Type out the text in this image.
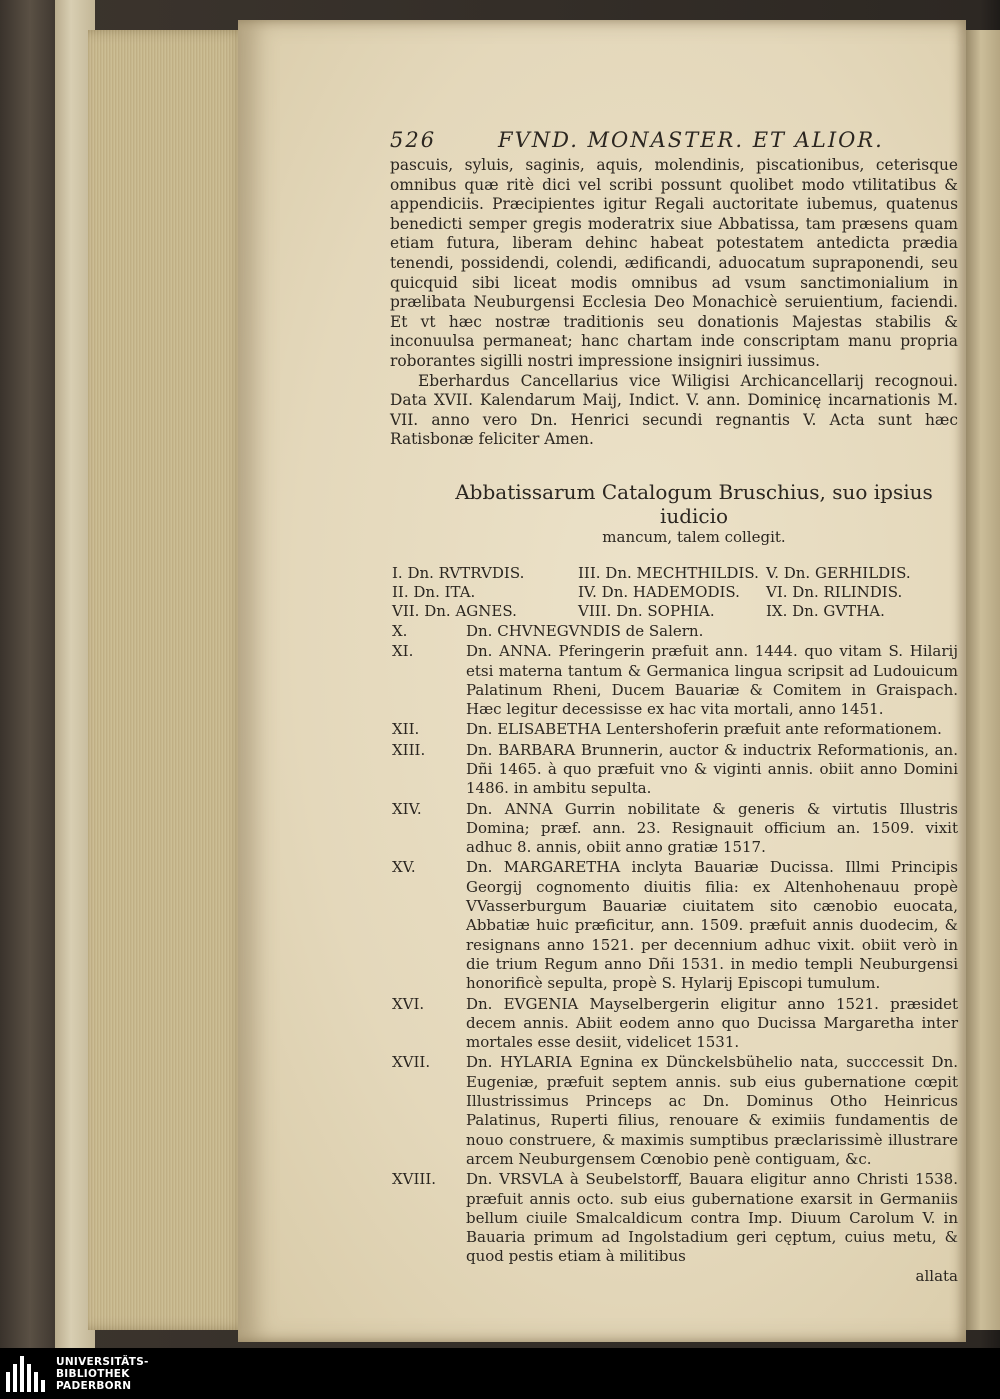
526	FVND. MONASTER. ET ALIOR.

pascuis, syluis, saginis, aquis, molendinis, piscationibus, ceterisque omnibus quæ ritè dici vel scribi possunt quolibet modo vtilitatibus & appendiciis. Præcipientes igitur Regali auctoritate iubemus, quatenus benedicti semper gregis moderatrix siue Abbatissa, tam præsens quam etiam futura, liberam dehinc habeat potestatem antedicta prædia tenendi, possidendi, colendi, ædificandi, aduocatum supraponendi, seu quicquid sibi liceat modis omnibus ad vsum sanctimonialium in prælibata Neuburgensi Ecclesia Deo Monachicè seruientium, faciendi. Et vt hæc nostræ traditionis seu donationis Majestas stabilis & inconuulsa permaneat; hanc chartam inde conscriptam manu propria roborantes sigilli nostri impressione insigniri iussimus.

Eberhardus Cancellarius vice Wiligisi Archicancellarij recognoui. Data XVII. Kalendarum Maij, Indict. V. ann. Dominicę incarnationis M. VII. anno vero Dn. Henrici secundi regnantis V. Acta sunt hæc Ratisbonæ feliciter Amen.

Abbatissarum Catalogum Bruschius, suo ipsius iudicio
mancum, talem collegit.
I. Dn. RVTRVDIS.	III. Dn. MECHTHILDIS. V. Dn. GERHILDIS.
II. Dn. ITA.	IV. Dn. HADEMODIS.	VI. Dn. RILINDIS.
VII. Dn. AGNES.	VIII. Dn. SOPHIA.	IX. Dn. GVTHA.
X.	Dn. CHVNEGVNDIS de Salern.
XI.	Dn. ANNA. Pferingerin præfuit ann. 1444. quo vitam S. Hilarij etsi materna tantum & Germanica lingua scripsit ad Ludouicum Palatinum Rheni, Ducem Bauariæ & Comitem in Graispach. Hæc legitur decessisse ex hac vita mortali, anno 1451.
XII.	Dn. ELISABETHA Lentershoferin præfuit ante reformationem.
XIII.	Dn. BARBARA Brunnerin, auctor & inductrix Reformationis, an. Dñi 1465. à quo præfuit vno & viginti annis. obiit anno Domini 1486. in ambitu sepulta.
XIV.	Dn. ANNA Gurrin nobilitate & generis & virtutis Illustris Domina; præf. ann. 23. Resignauit officium an. 1509. vixit adhuc 8. annis, obiit anno gratiæ 1517.
XV.	Dn. MARGARETHA inclyta Bauariæ Ducissa. Illmi Principis Georgij cognomento diuitis filia: ex Altenhohenauu propè VVasserburgum Bauariæ ciuitatem sito cænobio euocata, Abbatiæ huic præficitur, ann. 1509. præfuit annis duodecim, & resignans anno 1521. per decennium adhuc vixit. obiit verò in die trium Regum anno Dñi 1531. in medio templi Neuburgensi honorificè sepulta, propè S. Hylarij Episcopi tumulum.
XVI.	Dn. EVGENIA Mayselbergerin eligitur anno 1521. præsidet decem annis. Abiit eodem anno quo Ducissa Margaretha inter mortales esse desiit, videlicet 1531.
XVII.	Dn. HYLARIA Egnina ex Dünckelsbühelio nata, succcessit Dn. Eugeniæ, præfuit septem annis. sub eius gubernatione cœpit Illustrissimus Princeps ac Dn. Dominus Otho Heinricus Palatinus, Ruperti filius, renouare & eximiis fundamentis de nouo construere, & maximis sumptibus præclarissimè illustrare arcem Neuburgensem Cœnobio penè contiguam, &c.
XVIII.	Dn. VRSVLA à Seubelstorff, Bauara eligitur anno Christi 1538. præfuit annis octo. sub eius gubernatione exarsit in Germaniis bellum ciuile Smalcaldicum contra Imp. Diuum Carolum V. in Bauaria primum ad Ingolstadium geri cęptum, cuius metu, & quod pestis etiam à militibus
allata
UNIVERSITÄTS-
BIBLIOTHEK
PADERBORN
